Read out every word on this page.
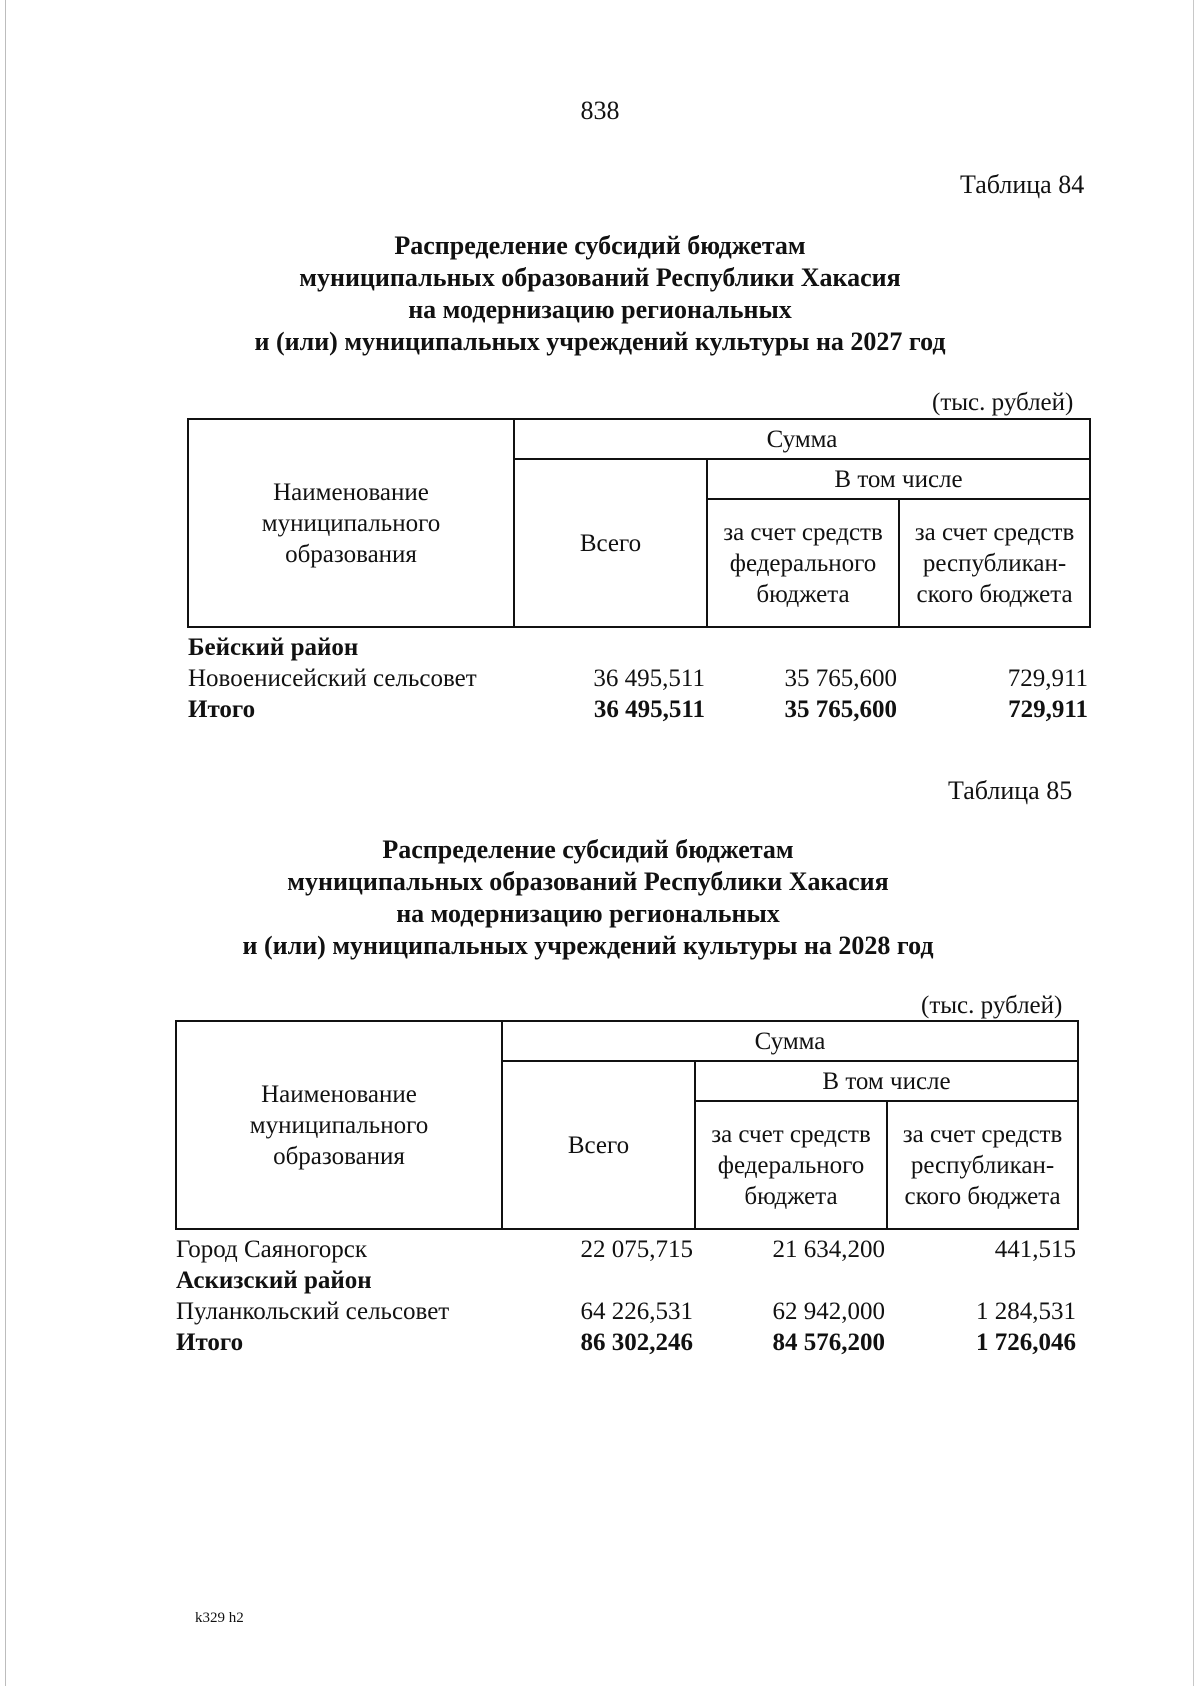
838
Таблица 84
Распределение субсидий бюджетам
муниципальных образований Республики Хакасия
на модернизацию региональных
и (или) муниципальных учреждений культуры на 2027 год
(тыс. рублей)
Наименование муниципального образования	Сумма		
	Всего	В том числе	
		за счет средств федерального бюджета	за счет средств республикан-ского бюджета

Бейский район			
Новоенисейский сельсовет	36 495,511	35 765,600	729,911
Итого	36 495,511	35 765,600	729,911
Таблица 85
Распределение субсидий бюджетам
муниципальных образований Республики Хакасия
на модернизацию региональных
и (или) муниципальных учреждений культуры на 2028 год
(тыс. рублей)
Наименование муниципального образования	Сумма		
	Всего	В том числе	
		за счет средств федерального бюджета	за счет средств республикан-ского бюджета

Город Саяногорск	22 075,715	21 634,200	441,515
Аскизский район			
Пуланкольский сельсовет	64 226,531	62 942,000	1 284,531
Итого	86 302,246	84 576,200	1 726,046
k329 h2
